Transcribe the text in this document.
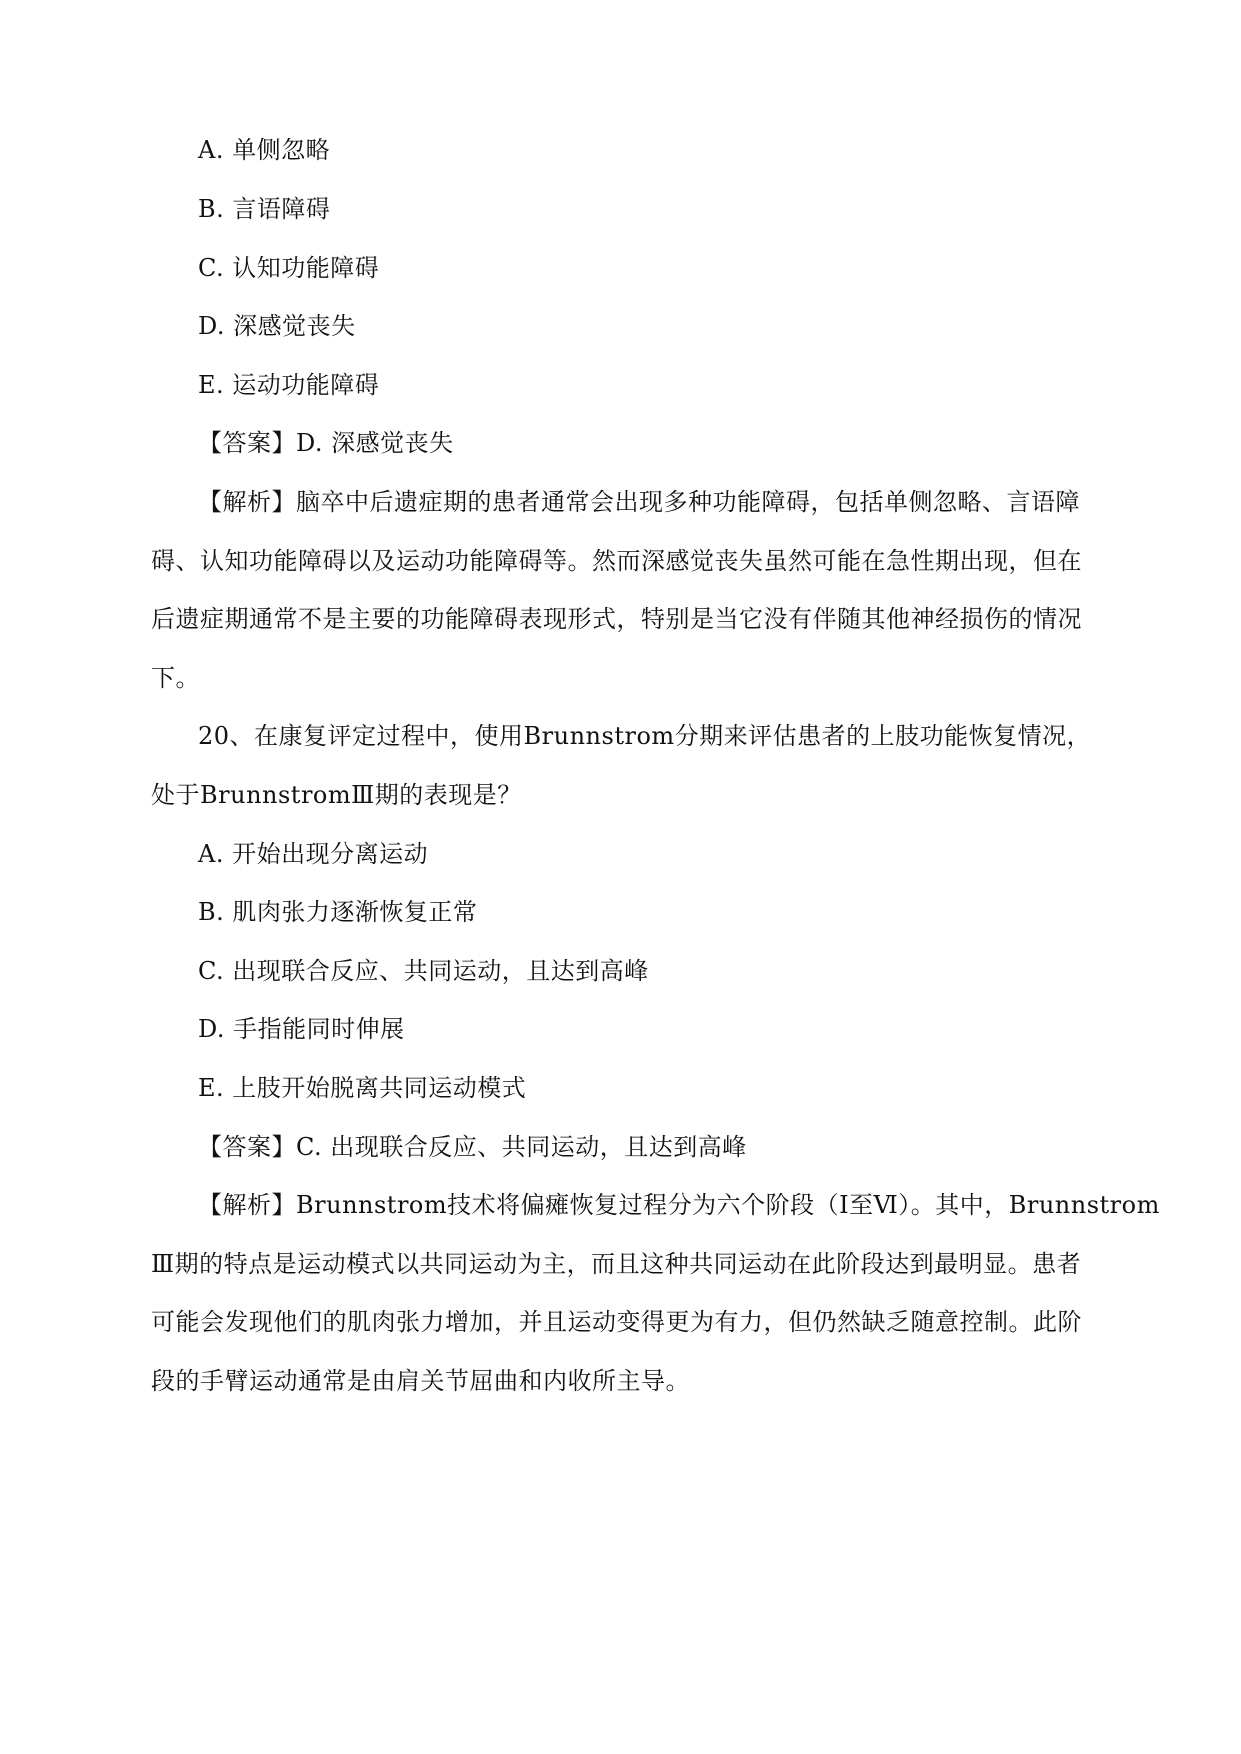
A. 单侧忽略
B. 言语障碍
C. 认知功能障碍
D. 深感觉丧失
E. 运动功能障碍
【答案】D. 深感觉丧失
【解析】脑卒中后遗症期的患者通常会出现多种功能障碍，包括单侧忽略、言语障
碍、认知功能障碍以及运动功能障碍等。然而深感觉丧失虽然可能在急性期出现，但在
后遗症期通常不是主要的功能障碍表现形式，特别是当它没有伴随其他神经损伤的情况
下。
20、在康复评定过程中，使用Brunnstrom分期来评估患者的上肢功能恢复情况，
处于BrunnstromⅢ期的表现是？
A. 开始出现分离运动
B. 肌肉张力逐渐恢复正常
C. 出现联合反应、共同运动，且达到高峰
D. 手指能同时伸展
E. 上肢开始脱离共同运动模式
【答案】C. 出现联合反应、共同运动，且达到高峰
【解析】Brunnstrom技术将偏瘫恢复过程分为六个阶段（Ⅰ至Ⅵ）。其中，Brunnstrom
Ⅲ期的特点是运动模式以共同运动为主，而且这种共同运动在此阶段达到最明显。患者
可能会发现他们的肌肉张力增加，并且运动变得更为有力，但仍然缺乏随意控制。此阶
段的手臂运动通常是由肩关节屈曲和内收所主导。
